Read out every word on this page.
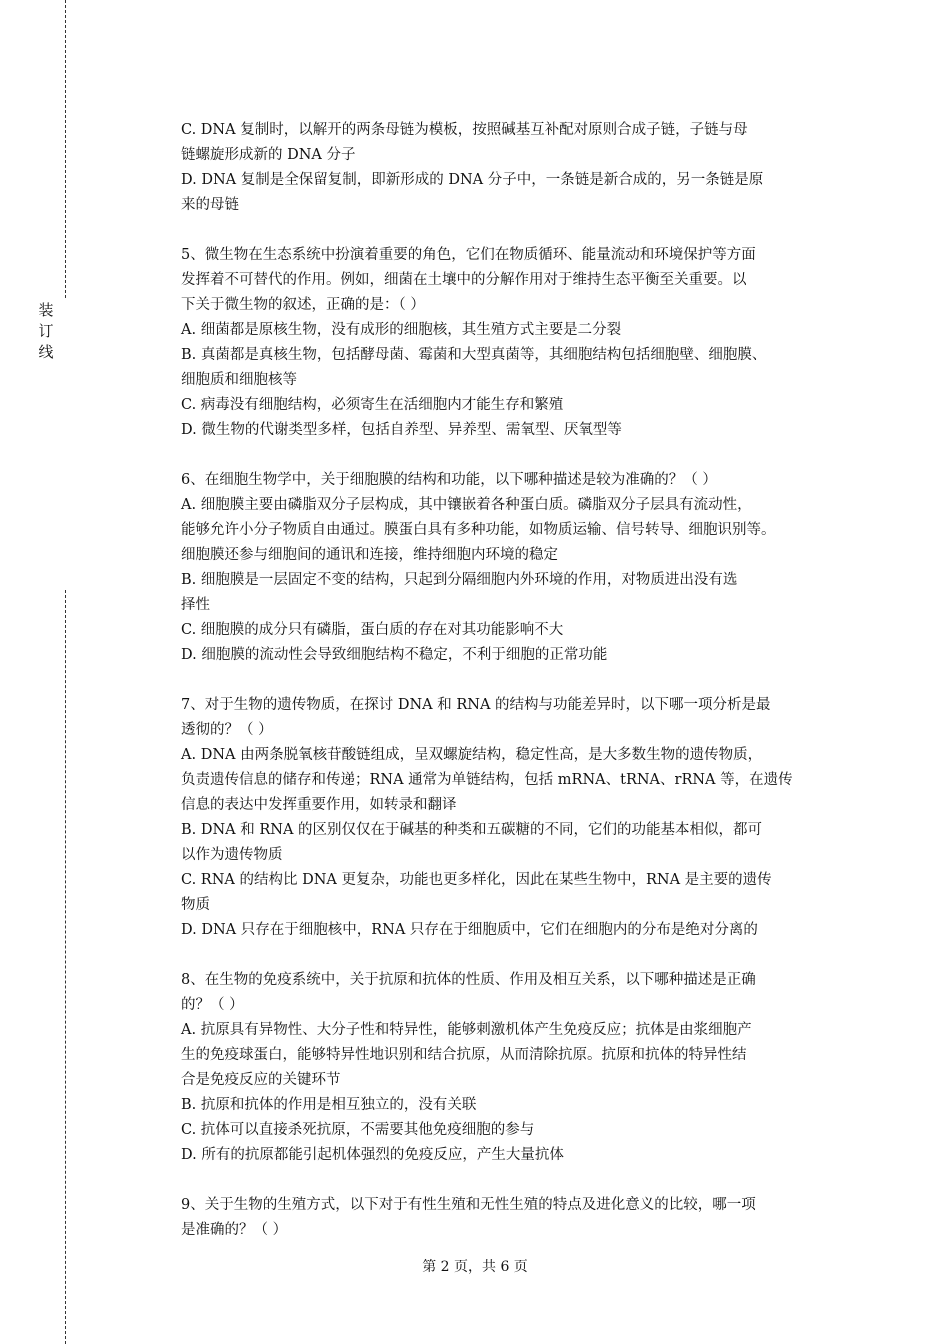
装
订
线
C. DNA 复制时，以解开的两条母链为模板，按照碱基互补配对原则合成子链，子链与母
链螺旋形成新的 DNA 分子
D. DNA 复制是全保留复制，即新形成的 DNA 分子中，一条链是新合成的，另一条链是原
来的母链
5、微生物在生态系统中扮演着重要的角色，它们在物质循环、能量流动和环境保护等方面
发挥着不可替代的作用。例如，细菌在土壤中的分解作用对于维持生态平衡至关重要。以
下关于微生物的叙述，正确的是：（ ）
A. 细菌都是原核生物，没有成形的细胞核，其生殖方式主要是二分裂
B. 真菌都是真核生物，包括酵母菌、霉菌和大型真菌等，其细胞结构包括细胞壁、细胞膜、
细胞质和细胞核等
C. 病毒没有细胞结构，必须寄生在活细胞内才能生存和繁殖
D. 微生物的代谢类型多样，包括自养型、异养型、需氧型、厌氧型等
6、在细胞生物学中，关于细胞膜的结构和功能，以下哪种描述是较为准确的？（ ）
A. 细胞膜主要由磷脂双分子层构成，其中镶嵌着各种蛋白质。磷脂双分子层具有流动性，
能够允许小分子物质自由通过。膜蛋白具有多种功能，如物质运输、信号转导、细胞识别等。
细胞膜还参与细胞间的通讯和连接，维持细胞内环境的稳定
B. 细胞膜是一层固定不变的结构，只起到分隔细胞内外环境的作用，对物质进出没有选
择性
C. 细胞膜的成分只有磷脂，蛋白质的存在对其功能影响不大
D. 细胞膜的流动性会导致细胞结构不稳定，不利于细胞的正常功能
7、对于生物的遗传物质，在探讨 DNA 和 RNA 的结构与功能差异时，以下哪一项分析是最
透彻的？（ ）
A. DNA 由两条脱氧核苷酸链组成，呈双螺旋结构，稳定性高，是大多数生物的遗传物质，
负责遗传信息的储存和传递；RNA 通常为单链结构，包括 mRNA、tRNA、rRNA 等，在遗传
信息的表达中发挥重要作用，如转录和翻译
B. DNA 和 RNA 的区别仅仅在于碱基的种类和五碳糖的不同，它们的功能基本相似，都可
以作为遗传物质
C. RNA 的结构比 DNA 更复杂，功能也更多样化，因此在某些生物中，RNA 是主要的遗传
物质
D. DNA 只存在于细胞核中，RNA 只存在于细胞质中，它们在细胞内的分布是绝对分离的
8、在生物的免疫系统中，关于抗原和抗体的性质、作用及相互关系，以下哪种描述是正确
的？（ ）
A. 抗原具有异物性、大分子性和特异性，能够刺激机体产生免疫反应；抗体是由浆细胞产
生的免疫球蛋白，能够特异性地识别和结合抗原，从而清除抗原。抗原和抗体的特异性结
合是免疫反应的关键环节
B. 抗原和抗体的作用是相互独立的，没有关联
C. 抗体可以直接杀死抗原，不需要其他免疫细胞的参与
D. 所有的抗原都能引起机体强烈的免疫反应，产生大量抗体
9、关于生物的生殖方式，以下对于有性生殖和无性生殖的特点及进化意义的比较，哪一项
是准确的？（ ）
第 2 页，共 6 页
